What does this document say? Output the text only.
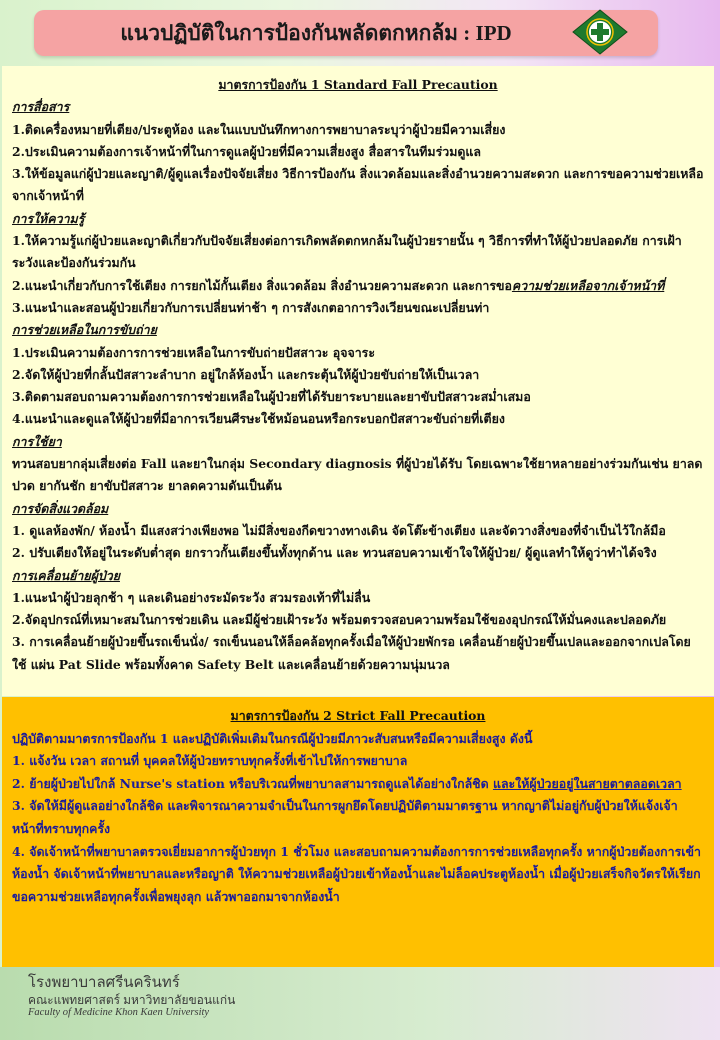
แนวปฏิบัติในการป้องกันพลัดตกหกล้ม : IPD
มาตรการป้องกัน 1 Standard Fall Precaution
การสื่อสาร
1.ติดเครื่องหมายที่เตียง/ประตูห้อง และในแบบบันทึกทางการพยาบาลระบุว่าผู้ป่วยมีความเสี่ยง
2.ประเมินความต้องการเจ้าหน้าที่ในการดูแลผู้ป่วยที่มีความเสี่ยงสูง สื่อสารในทีมร่วมดูแล
3.ให้ข้อมูลแก่ผู้ป่วยและญาติ/ผู้ดูแลเรื่องปัจจัยเสี่ยง วิธีการป้องกัน สิ่งแวดล้อมและสิ่งอำนวยความสะดวก และการขอความช่วยเหลือจากเจ้าหน้าที่
การให้ความรู้
1.ให้ความรู้แก่ผู้ป่วยและญาติเกี่ยวกับปัจจัยเสี่ยงต่อการเกิดพลัดตกหกล้มในผู้ป่วยรายนั้น ๆ วิธีการที่ทำให้ผู้ป่วยปลอดภัย การเฝ้าระวังและป้องกันร่วมกัน
2.แนะนำเกี่ยวกับการใช้เตียง การยกไม้กั้นเตียง สิ่งแวดล้อม สิ่งอำนวยความสะดวก และการขอความช่วยเหลือจากเจ้าหน้าที่
3.แนะนำและสอนผู้ป่วยเกี่ยวกับการเปลี่ยนท่าช้า ๆ การสังเกตอาการวิงเวียนขณะเปลี่ยนท่า
การช่วยเหลือในการขับถ่าย
1.ประเมินความต้องการการช่วยเหลือในการขับถ่ายปัสสาวะ อุจจาระ
2.จัดให้ผู้ป่วยที่กลั้นปัสสาวะลำบาก อยู่ใกล้ห้องน้ำ และกระตุ้นให้ผู้ป่วยขับถ่ายให้เป็นเวลา
3.ติดตามสอบถามความต้องการการช่วยเหลือในผู้ป่วยที่ได้รับยาระบายและยาขับปัสสาวะสม่ำเสมอ
4.แนะนำและดูแลให้ผู้ป่วยที่มีอาการเวียนศีรษะใช้หม้อนอนหรือกระบอกปัสสาวะขับถ่ายที่เตียง
การใช้ยา
ทวนสอบยากลุ่มเสี่ยงต่อ Fall และยาในกลุ่ม Secondary diagnosis ที่ผู้ป่วยได้รับ โดยเฉพาะใช้ยาหลายอย่างร่วมกันเช่น ยาลดปวด ยากันชัก ยาขับปัสสาวะ ยาลดความดันเป็นต้น
การจัดสิ่งแวดล้อม
1. ดูแลห้องพัก/ ห้องน้ำ มีแสงสว่างเพียงพอ ไม่มีสิ่งของกีดขวางทางเดิน จัดโต๊ะข้างเตียง และจัดวางสิ่งของที่จำเป็นไว้ใกล้มือ
2. ปรับเตียงให้อยู่ในระดับต่ำสุด ยกราวกั้นเตียงขึ้นทั้งทุกด้าน และ ทวนสอบความเข้าใจให้ผู้ป่วย/ ผู้ดูแลทำให้ดูว่าทำได้จริง
การเคลื่อนย้ายผู้ป่วย
1.แนะนำผู้ป่วยลุกช้า ๆ และเดินอย่างระมัดระวัง สวมรองเท้าที่ไม่ลื่น
2.จัดอุปกรณ์ที่เหมาะสมในการช่วยเดิน และมีผู้ช่วยเฝ้าระวัง พร้อมตรวจสอบความพร้อมใช้ของอุปกรณ์ให้มั่นคงและปลอดภัย
3. การเคลื่อนย้ายผู้ป่วยขึ้นรถเข็นนั่ง/ รถเข็นนอนให้ล็อคล้อทุกครั้งเมื่อให้ผู้ป่วยพักรอ เคลื่อนย้ายผู้ป่วยขึ้นเปลและออกจากเปลโดยใช้ แผ่น Pat Slide พร้อมทั้งคาด Safety Belt และเคลื่อนย้ายด้วยความนุ่มนวล
มาตรการป้องกัน 2 Strict Fall Precaution
ปฏิบัติตามมาตรการป้องกัน 1 และปฏิบัติเพิ่มเติมในกรณีผู้ป่วยมีภาวะสับสนหรือมีความเสี่ยงสูง ดังนี้
1. แจ้งวัน เวลา สถานที่ บุคคลให้ผู้ป่วยทราบทุกครั้งที่เข้าไปให้การพยาบาล
2. ย้ายผู้ป่วยไปใกล้ Nurse's station หรือบริเวณที่พยาบาลสามารถดูแลได้อย่างใกล้ชิด และให้ผู้ป่วยอยู่ในสายตาตลอดเวลา
3. จัดให้มีผู้ดูแลอย่างใกล้ชิด และพิจารณาความจำเป็นในการผูกยึดโดยปฏิบัติตามมาตรฐาน หากญาติไม่อยู่กับผู้ป่วยให้แจ้งเจ้าหน้าที่ทราบทุกครั้ง
4. จัดเจ้าหน้าที่พยาบาลตรวจเยี่ยมอาการผู้ป่วยทุก 1 ชั่วโมง และสอบถามความต้องการการช่วยเหลือทุกครั้ง หากผู้ป่วยต้องการเข้าห้องน้ำ จัดเจ้าหน้าที่พยาบาลและหรือญาติ ให้ความช่วยเหลือผู้ป่วยเข้าห้องน้ำและไม่ล็อคประตูห้องน้ำ เมื่อผู้ป่วยเสร็จกิจวัตรให้เรียกขอความช่วยเหลือทุกครั้งเพื่อพยุงลุก แล้วพาออกมาจากห้องน้ำ
โรงพยาบาลศรีนครินทร์
คณะแพทยศาสตร์ มหาวิทยาลัยขอนแก่น
Faculty of Medicine Khon Kaen University
